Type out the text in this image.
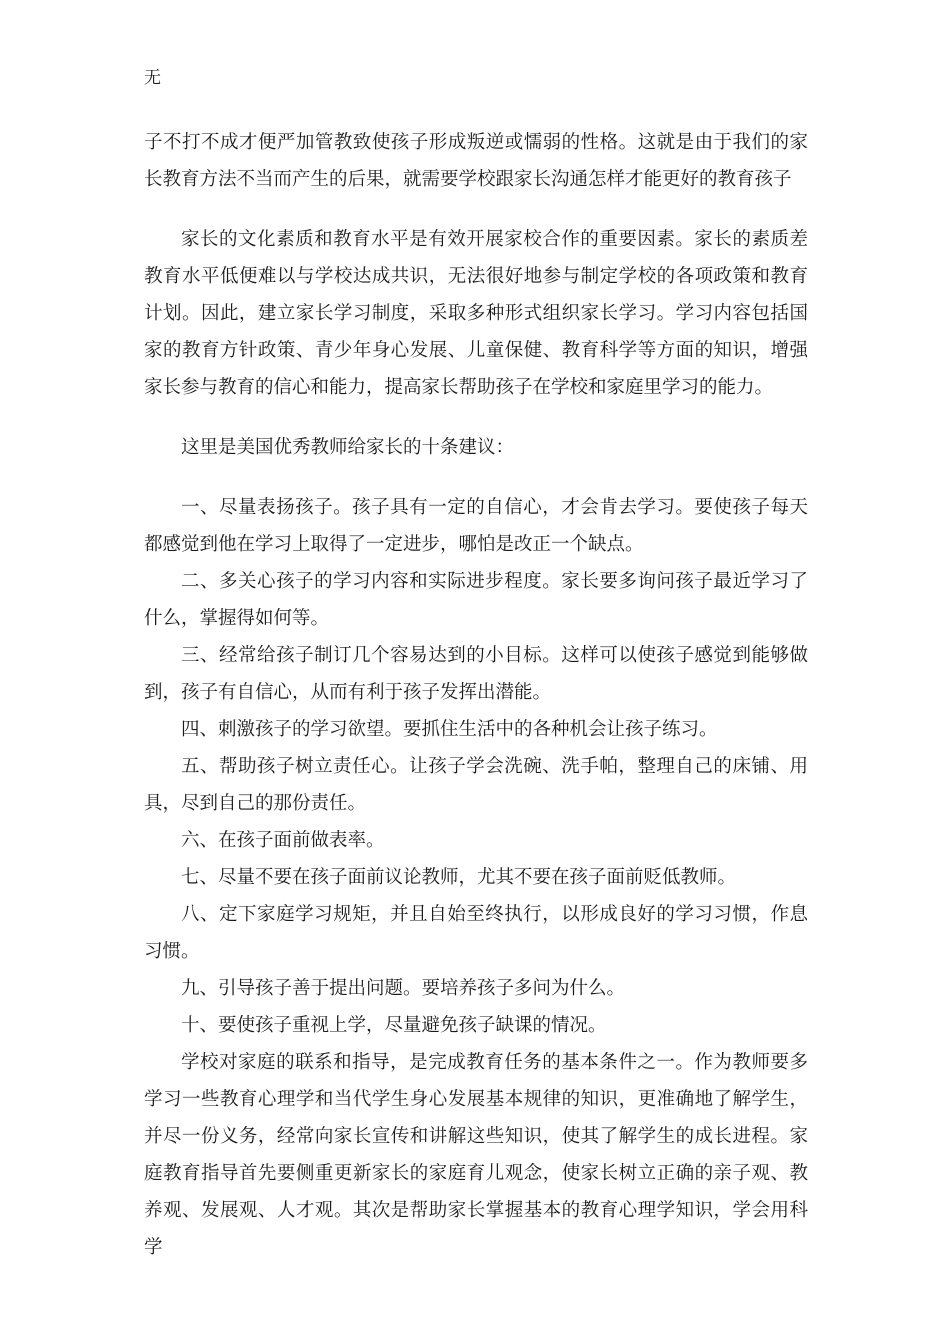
无

子不打不成才便严加管教致使孩子形成叛逆或懦弱的性格。这就是由于我们的家长教育方法不当而产生的后果，就需要学校跟家长沟通怎样才能更好的教育孩子

家长的文化素质和教育水平是有效开展家校合作的重要因素。家长的素质差教育水平低便难以与学校达成共识，无法很好地参与制定学校的各项政策和教育计划。因此，建立家长学习制度，采取多种形式组织家长学习。学习内容包括国家的教育方针政策、青少年身心发展、儿童保健、教育科学等方面的知识，增强家长参与教育的信心和能力，提高家长帮助孩子在学校和家庭里学习的能力。

这里是美国优秀教师给家长的十条建议：

一、尽量表扬孩子。孩子具有一定的自信心，才会肯去学习。要使孩子每天都感觉到他在学习上取得了一定进步，哪怕是改正一个缺点。

二、多关心孩子的学习内容和实际进步程度。家长要多询问孩子最近学习了什么，掌握得如何等。

三、经常给孩子制订几个容易达到的小目标。这样可以使孩子感觉到能够做到，孩子有自信心，从而有利于孩子发挥出潜能。

四、刺激孩子的学习欲望。要抓住生活中的各种机会让孩子练习。

五、帮助孩子树立责任心。让孩子学会洗碗、洗手帕，整理自己的床铺、用具，尽到自己的那份责任。

六、在孩子面前做表率。

七、尽量不要在孩子面前议论教师，尤其不要在孩子面前贬低教师。

八、定下家庭学习规矩，并且自始至终执行，以形成良好的学习习惯，作息习惯。

九、引导孩子善于提出问题。要培养孩子多问为什么。

十、要使孩子重视上学，尽量避免孩子缺课的情况。

学校对家庭的联系和指导，是完成教育任务的基本条件之一。作为教师要多学习一些教育心理学和当代学生身心发展基本规律的知识，更准确地了解学生，并尽一份义务，经常向家长宣传和讲解这些知识，使其了解学生的成长进程。家庭教育指导首先要侧重更新家长的家庭育儿观念，使家长树立正确的亲子观、教养观、发展观、人才观。其次是帮助家长掌握基本的教育心理学知识，学会用科学
